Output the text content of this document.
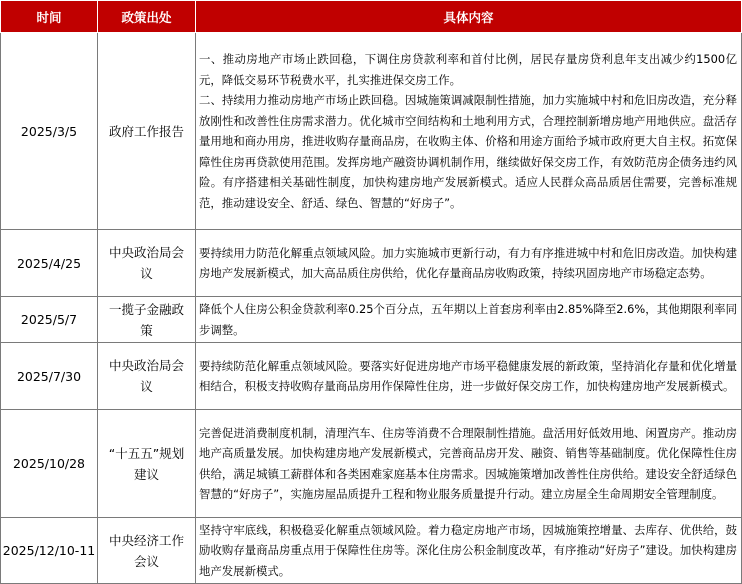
时间	政策出处	具体内容
2025/3/5	政府工作报告	一、推动房地产市场止跌回稳，下调住房贷款利率和首付比例，居民存量房贷利息年支出减少约1500亿元，降低交易环节税费水平，扎实推进保交房工作。
二、持续用力推动房地产市场止跌回稳。因城施策调减限制性措施，加力实施城中村和危旧房改造，充分释放刚性和改善性住房需求潜力。优化城市空间结构和土地利用方式，合理控制新增房地产用地供应。盘活存量用地和商办用房，推进收购存量商品房，在收购主体、价格和用途方面给予城市政府更大自主权。拓宽保障性住房再贷款使用范围。发挥房地产融资协调机制作用，继续做好保交房工作，有效防范房企债务违约风险。有序搭建相关基础性制度，加快构建房地产发展新模式。适应人民群众高品质居住需要，完善标准规范，推动建设安全、舒适、绿色、智慧的“好房子”。

2025/4/25	中央政治局会议	要持续用力防范化解重点领域风险。加力实施城市更新行动，有力有序推进城中村和危旧房改造。加快构建房地产发展新模式，加大高品质住房供给，优化存量商品房收购政策，持续巩固房地产市场稳定态势。

2025/5/7	一揽子金融政策	降低个人住房公积金贷款利率0.25个百分点，五年期以上首套房利率由2.85%降至2.6%，其他期限利率同步调整。

2025/7/30	中央政治局会议	要持续防范化解重点领域风险。要落实好促进房地产市场平稳健康发展的新政策，坚持消化存量和优化增量相结合，积极支持收购存量商品房用作保障性住房，进一步做好保交房工作，加快构建房地产发展新模式。

2025/10/28	“十五五”规划建议	完善促进消费制度机制，清理汽车、住房等消费不合理限制性措施。盘活用好低效用地、闲置房产。推动房地产高质量发展。加快构建房地产发展新模式，完善商品房开发、融资、销售等基础制度。优化保障性住房供给，满足城镇工薪群体和各类困难家庭基本住房需求。因城施策增加改善性住房供给。建设安全舒适绿色智慧的“好房子”，实施房屋品质提升工程和物业服务质量提升行动。建立房屋全生命周期安全管理制度。

2025/12/10-11	中央经济工作会议	坚持守牢底线，积极稳妥化解重点领域风险。着力稳定房地产市场，因城施策控增量、去库存、优供给，鼓励收购存量商品房重点用于保障性住房等。深化住房公积金制度改革，有序推动“好房子”建设。加快构建房地产发展新模式。
